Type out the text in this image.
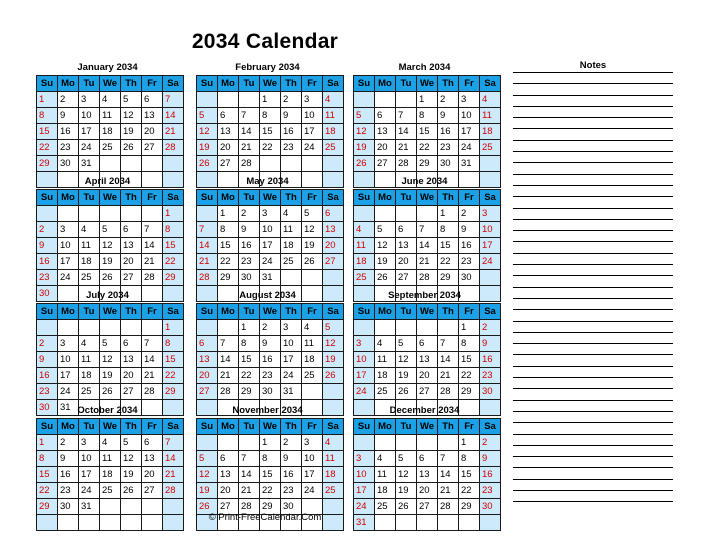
2034 Calendar
January 2034
Su	Mo	Tu	We	Th	Fr	Sa
1	2	3	4	5	6	7
8	9	10	11	12	13	14
15	16	17	18	19	20	21
22	23	24	25	26	27	28
29	30	31				

February 2034
Su	Mo	Tu	We	Th	Fr	Sa
			1	2	3	4
5	6	7	8	9	10	11
12	13	14	15	16	17	18
19	20	21	22	23	24	25
26	27	28				

March 2034
Su	Mo	Tu	We	Th	Fr	Sa
			1	2	3	4
5	6	7	8	9	10	11
12	13	14	15	16	17	18
19	20	21	22	23	24	25
26	27	28	29	30	31	

April 2034
Su	Mo	Tu	We	Th	Fr	Sa
						1
2	3	4	5	6	7	8
9	10	11	12	13	14	15
16	17	18	19	20	21	22
23	24	25	26	27	28	29
30						
May 2034
Su	Mo	Tu	We	Th	Fr	Sa
	1	2	3	4	5	6
7	8	9	10	11	12	13
14	15	16	17	18	19	20
21	22	23	24	25	26	27
28	29	30	31			

June 2034
Su	Mo	Tu	We	Th	Fr	Sa
				1	2	3
4	5	6	7	8	9	10
11	12	13	14	15	16	17
18	19	20	21	22	23	24
25	26	27	28	29	30	

July 2034
Su	Mo	Tu	We	Th	Fr	Sa
						1
2	3	4	5	6	7	8
9	10	11	12	13	14	15
16	17	18	19	20	21	22
23	24	25	26	27	28	29
30	31					
August 2034
Su	Mo	Tu	We	Th	Fr	Sa
		1	2	3	4	5
6	7	8	9	10	11	12
13	14	15	16	17	18	19
20	21	22	23	24	25	26
27	28	29	30	31		

September 2034
Su	Mo	Tu	We	Th	Fr	Sa
					1	2
3	4	5	6	7	8	9
10	11	12	13	14	15	16
17	18	19	20	21	22	23
24	25	26	27	28	29	30

October 2034
Su	Mo	Tu	We	Th	Fr	Sa
1	2	3	4	5	6	7
8	9	10	11	12	13	14
15	16	17	18	19	20	21
22	23	24	25	26	27	28
29	30	31				

November 2034
Su	Mo	Tu	We	Th	Fr	Sa
			1	2	3	4
5	6	7	8	9	10	11
12	13	14	15	16	17	18
19	20	21	22	23	24	25
26	27	28	29	30		

December 2034
Su	Mo	Tu	We	Th	Fr	Sa
					1	2
3	4	5	6	7	8	9
10	11	12	13	14	15	16
17	18	19	20	21	22	23
24	25	26	27	28	29	30
31						
Notes
© Print-FreeCalendar.Com
